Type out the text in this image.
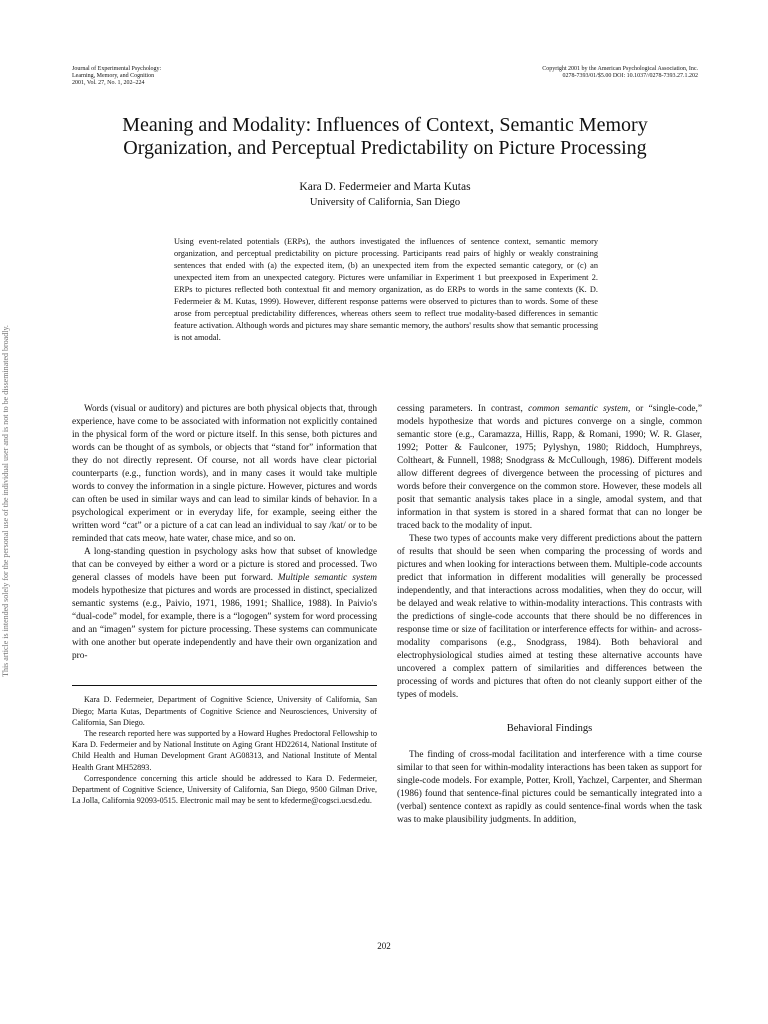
Journal of Experimental Psychology:
Learning, Memory, and Cognition
2001, Vol. 27, No. 1, 202–224
Copyright 2001 by the American Psychological Association, Inc.
0278-7393/01/$5.00 DOI: 10.1037//0278-7393.27.1.202
This article is intended solely for the personal use of the individual user and is not to be disseminated broadly.
Meaning and Modality: Influences of Context, Semantic Memory
Organization, and Perceptual Predictability on Picture Processing
Kara D. Federmeier and Marta Kutas
University of California, San Diego
Using event-related potentials (ERPs), the authors investigated the influences of sentence context, semantic memory organization, and perceptual predictability on picture processing. Participants read pairs of highly or weakly constraining sentences that ended with (a) the expected item, (b) an unexpected item from the expected semantic category, or (c) an unexpected item from an unexpected category. Pictures were unfamiliar in Experiment 1 but preexposed in Experiment 2. ERPs to pictures reflected both contextual fit and memory organization, as do ERPs to words in the same contexts (K. D. Federmeier & M. Kutas, 1999). However, different response patterns were observed to pictures than to words. Some of these arose from perceptual predictability differences, whereas others seem to reflect true modality-based differences in semantic feature activation. Although words and pictures may share semantic memory, the authors' results show that semantic processing is not amodal.

Words (visual or auditory) and pictures are both physical objects that, through experience, have come to be associated with information not explicitly contained in the physical form of the word or picture itself. In this sense, both pictures and words can be thought of as symbols, or objects that “stand for” information that they do not directly represent. Of course, not all words have clear pictorial counterparts (e.g., function words), and in many cases it would take multiple words to convey the information in a single picture. However, pictures and words can often be used in similar ways and can lead to similar kinds of behavior. In a psychological experiment or in everyday life, for example, seeing either the written word “cat” or a picture of a cat can lead an individual to say /kat/ or to be reminded that cats meow, hate water, chase mice, and so on.

A long-standing question in psychology asks how that subset of knowledge that can be conveyed by either a word or a picture is stored and processed. Two general classes of models have been put forward. Multiple semantic system models hypothesize that pictures and words are processed in distinct, specialized semantic systems (e.g., Paivio, 1971, 1986, 1991; Shallice, 1988). In Paivio's “dual-code” model, for example, there is a “logogen” system for word processing and an “imagen” system for picture processing. These systems can communicate with one another but operate independently and have their own organization and pro-

Kara D. Federmeier, Department of Cognitive Science, University of California, San Diego; Marta Kutas, Departments of Cognitive Science and Neurosciences, University of California, San Diego.

The research reported here was supported by a Howard Hughes Predoctoral Fellowship to Kara D. Federmeier and by National Institute on Aging Grant HD22614, National Institute of Child Health and Human Development Grant AG08313, and National Institute of Mental Health Grant MH52893.

Correspondence concerning this article should be addressed to Kara D. Federmeier, Department of Cognitive Science, University of California, San Diego, 9500 Gilman Drive, La Jolla, California 92093-0515. Electronic mail may be sent to kfederme@cogsci.ucsd.edu.

cessing parameters. In contrast, common semantic system, or “single-code,” models hypothesize that words and pictures converge on a single, common semantic store (e.g., Caramazza, Hillis, Rapp, & Romani, 1990; W. R. Glaser, 1992; Potter & Faulconer, 1975; Pylyshyn, 1980; Riddoch, Humphreys, Coltheart, & Funnell, 1988; Snodgrass & McCullough, 1986). Different models allow different degrees of divergence between the processing of pictures and words before their convergence on the common store. However, these models all posit that semantic analysis takes place in a single, amodal system, and that information in that system is stored in a shared format that can no longer be traced back to the modality of input.

These two types of accounts make very different predictions about the pattern of results that should be seen when comparing the processing of words and pictures and when looking for interactions between them. Multiple-code accounts predict that information in different modalities will generally be processed independently, and that interactions across modalities, when they do occur, will be delayed and weak relative to within-modality interactions. This contrasts with the predictions of single-code accounts that there should be no differences in response time or size of facilitation or interference effects for within- and across-modality comparisons (e.g., Snodgrass, 1984). Both behavioral and electrophysiological studies aimed at testing these alternative accounts have uncovered a complex pattern of similarities and differences between the processing of words and pictures that often do not cleanly support either of the types of models.

Behavioral Findings

The finding of cross-modal facilitation and interference with a time course similar to that seen for within-modality interactions has been taken as support for single-code models. For example, Potter, Kroll, Yachzel, Carpenter, and Sherman (1986) found that sentence-final pictures could be semantically integrated into a (verbal) sentence context as rapidly as could sentence-final words when the task was to make plausibility judgments. In addition,

202
